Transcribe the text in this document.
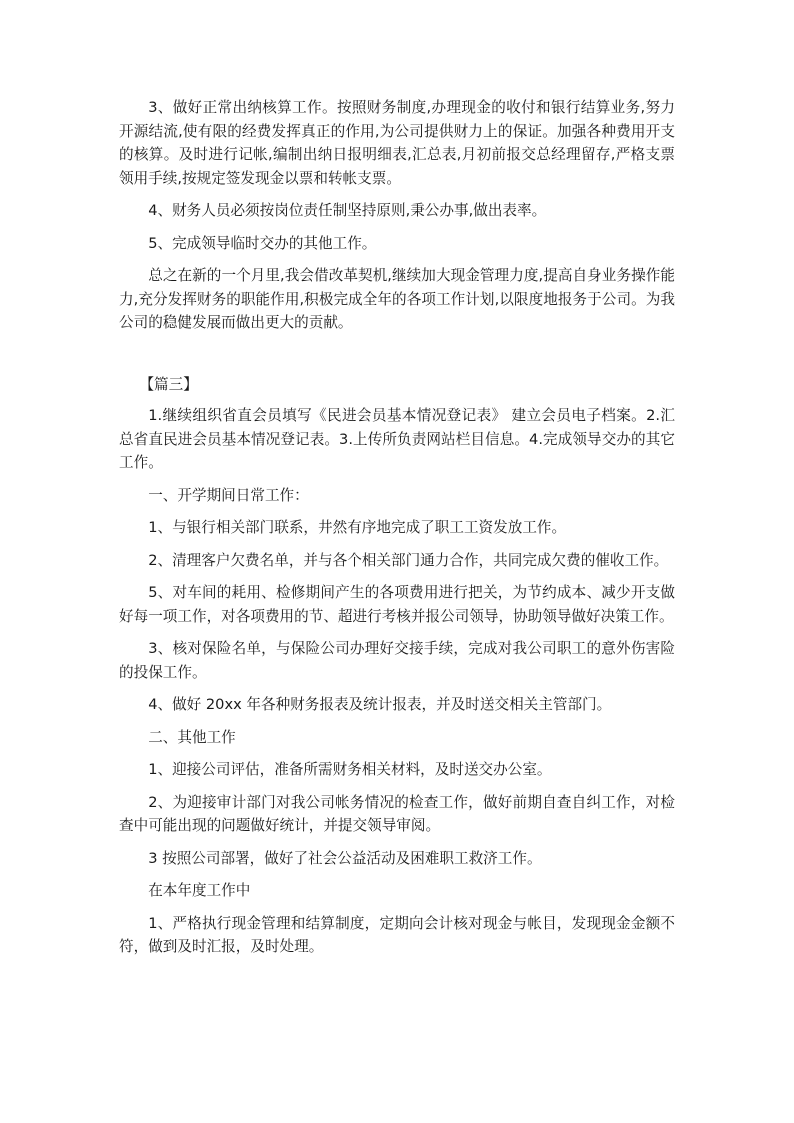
3、做好正常出纳核算工作。按照财务制度,办理现金的收付和银行结算业务,努力开源结流,使有限的经费发挥真正的作用,为公司提供财力上的保证。加强各种费用开支的核算。及时进行记帐,编制出纳日报明细表,汇总表,月初前报交总经理留存,严格支票领用手续,按规定签发现金以票和转帐支票。

4、财务人员必须按岗位责任制坚持原则,秉公办事,做出表率。

5、完成领导临时交办的其他工作。

总之在新的一个月里,我会借改革契机,继续加大现金管理力度,提高自身业务操作能力,充分发挥财务的职能作用,积极完成全年的各项工作计划,以限度地报务于公司。为我公司的稳健发展而做出更大的贡献。

【篇三】

1.继续组织省直会员填写《民进会员基本情况登记表》 建立会员电子档案。2.汇总省直民进会员基本情况登记表。3.上传所负责网站栏目信息。4.完成领导交办的其它工作。

一、开学期间日常工作：

1、与银行相关部门联系，井然有序地完成了职工工资发放工作。

2、清理客户欠费名单，并与各个相关部门通力合作，共同完成欠费的催收工作。

5、对车间的耗用、检修期间产生的各项费用进行把关，为节约成本、减少开支做好每一项工作，对各项费用的节、超进行考核并报公司领导，协助领导做好决策工作。

3、核对保险名单，与保险公司办理好交接手续，完成对我公司职工的意外伤害险的投保工作。

4、做好 20xx 年各种财务报表及统计报表，并及时送交相关主管部门。

二、其他工作

1、迎接公司评估，准备所需财务相关材料，及时送交办公室。

2、为迎接审计部门对我公司帐务情况的检查工作，做好前期自查自纠工作，对检查中可能出现的问题做好统计，并提交领导审阅。

3 按照公司部署，做好了社会公益活动及困难职工救济工作。

在本年度工作中

1、严格执行现金管理和结算制度，定期向会计核对现金与帐目，发现现金金额不符，做到及时汇报，及时处理。
